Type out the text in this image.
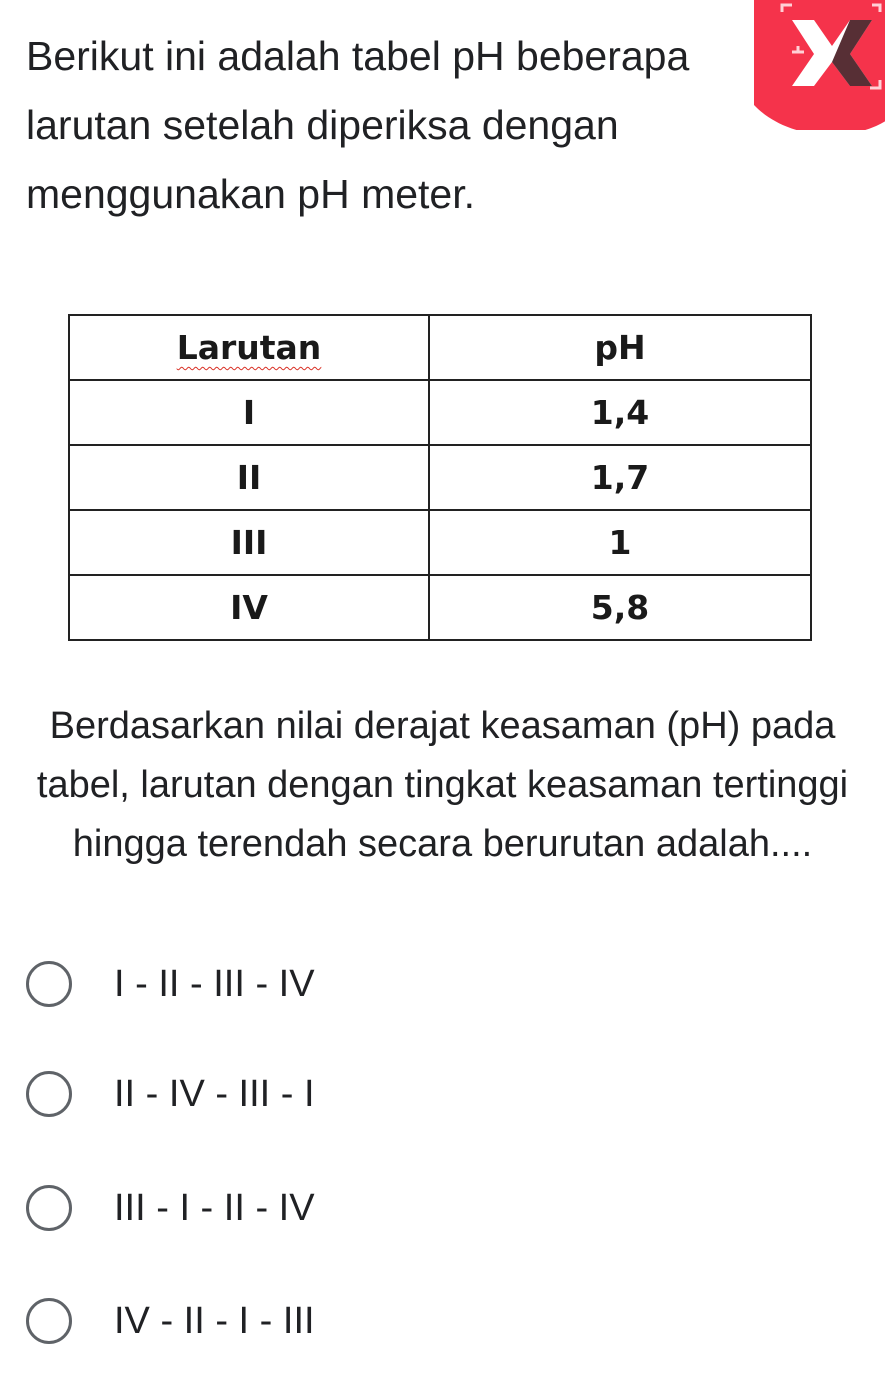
Berikut ini adalah tabel pH beberapa larutan setelah diperiksa dengan menggunakan pH meter.

Larutan	pH
I	1,4
II	1,7
III	1
IV	5,8

Berdasarkan nilai derajat keasaman (pH) pada tabel, larutan dengan tingkat keasaman tertinggi hingga terendah secara berurutan adalah....

I - II - III - IV
II - IV - III - I
III - I - II - IV
IV - II - I - III
